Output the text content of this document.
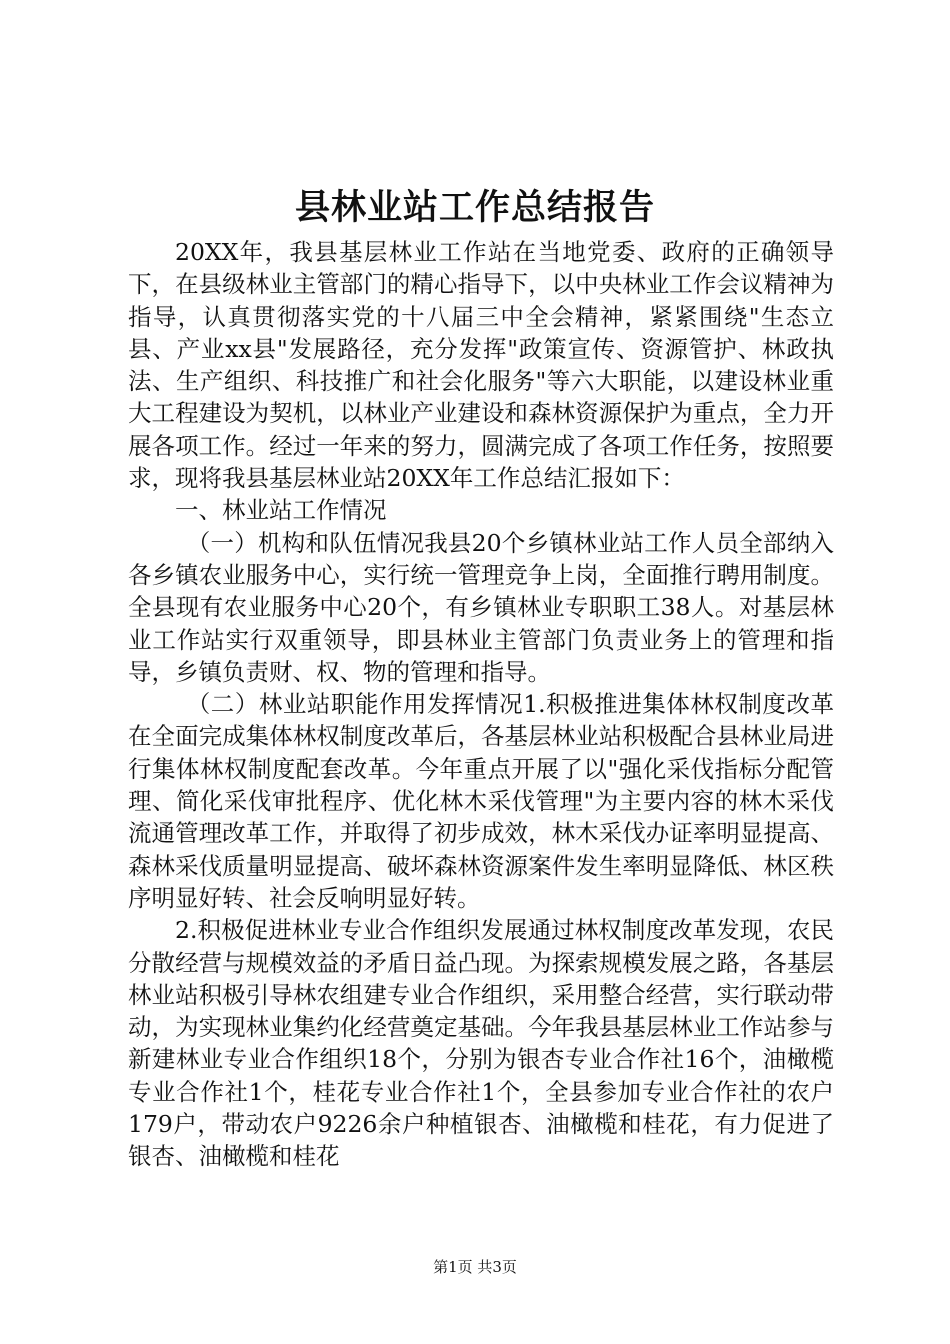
县林业站工作总结报告

20XX年，我县基层林业工作站在当地党委、政府的正确领导下，在县级林业主管部门的精心指导下，以中央林业工作会议精神为指导，认真贯彻落实党的十八届三中全会精神，紧紧围绕"生态立县、产业xx县"发展路径，充分发挥"政策宣传、资源管护、林政执法、生产组织、科技推广和社会化服务"等六大职能，以建设林业重大工程建设为契机，以林业产业建设和森林资源保护为重点，全力开展各项工作。经过一年来的努力，圆满完成了各项工作任务，按照要求，现将我县基层林业站20XX年工作总结汇报如下：

一、林业站工作情况

（一）机构和队伍情况我县20个乡镇林业站工作人员全部纳入各乡镇农业服务中心，实行统一管理竞争上岗，全面推行聘用制度。全县现有农业服务中心20个，有乡镇林业专职职工38人。对基层林业工作站实行双重领导，即县林业主管部门负责业务上的管理和指导，乡镇负责财、权、物的管理和指导。

（二）林业站职能作用发挥情况1.积极推进集体林权制度改革在全面完成集体林权制度改革后，各基层林业站积极配合县林业局进行集体林权制度配套改革。今年重点开展了以"强化采伐指标分配管理、简化采伐审批程序、优化林木采伐管理"为主要内容的林木采伐流通管理改革工作，并取得了初步成效，林木采伐办证率明显提高、森林采伐质量明显提高、破坏森林资源案件发生率明显降低、林区秩序明显好转、社会反响明显好转。

2.积极促进林业专业合作组织发展通过林权制度改革发现，农民分散经营与规模效益的矛盾日益凸现。为探索规模发展之路，各基层林业站积极引导林农组建专业合作组织，采用整合经营，实行联动带动，为实现林业集约化经营奠定基础。今年我县基层林业工作站参与新建林业专业合作组织18个，分别为银杏专业合作社16个，油橄榄专业合作社1个，桂花专业合作社1个，全县参加专业合作社的农户179户，带动农户9226余户种植银杏、油橄榄和桂花，有力促进了银杏、油橄榄和桂花

第1页 共3页
